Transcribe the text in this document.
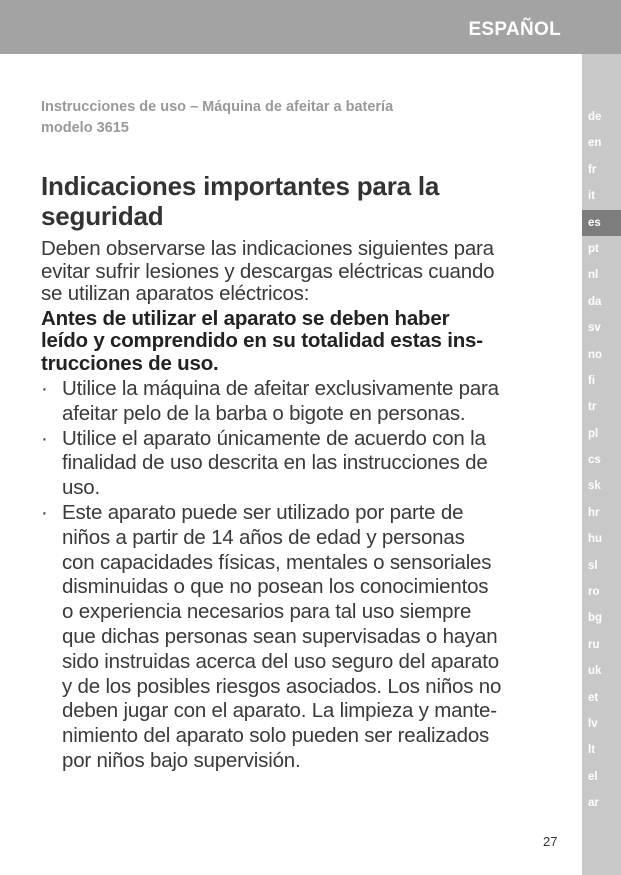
ESPAÑOL
de
en
fr
it
es
pt
nl
da
sv
no
fi
tr
pl
cs
sk
hr
hu
sl
ro
bg
ru
uk
et
lv
lt
el
ar

Instrucciones de uso – Máquina de afeitar a batería
modelo 3615

Indicaciones importantes para la
seguridad

Deben observarse las indicaciones siguientes para
evitar sufrir lesiones y descargas eléctricas cuando
se utilizan aparatos eléctricos:

Antes de utilizar el aparato se deben haber
leído y comprendido en su totalidad estas ins-
trucciones de uso.

· Utilice la máquina de afeitar exclusivamente para
afeitar pelo de la barba o bigote en personas.
· Utilice el aparato únicamente de acuerdo con la
finalidad de uso descrita en las instrucciones de
uso.
· Este aparato puede ser utilizado por parte de
niños a partir de 14 años de edad y personas
con capacidades físicas, mentales o sensoriales
disminuidas o que no posean los conocimientos
o experiencia necesarios para tal uso siempre
que dichas personas sean supervisadas o hayan
sido instruidas acerca del uso seguro del aparato
y de los posibles riesgos asociados. Los niños no
deben jugar con el aparato. La limpieza y mante-
nimiento del aparato solo pueden ser realizados
por niños bajo supervisión.
27
